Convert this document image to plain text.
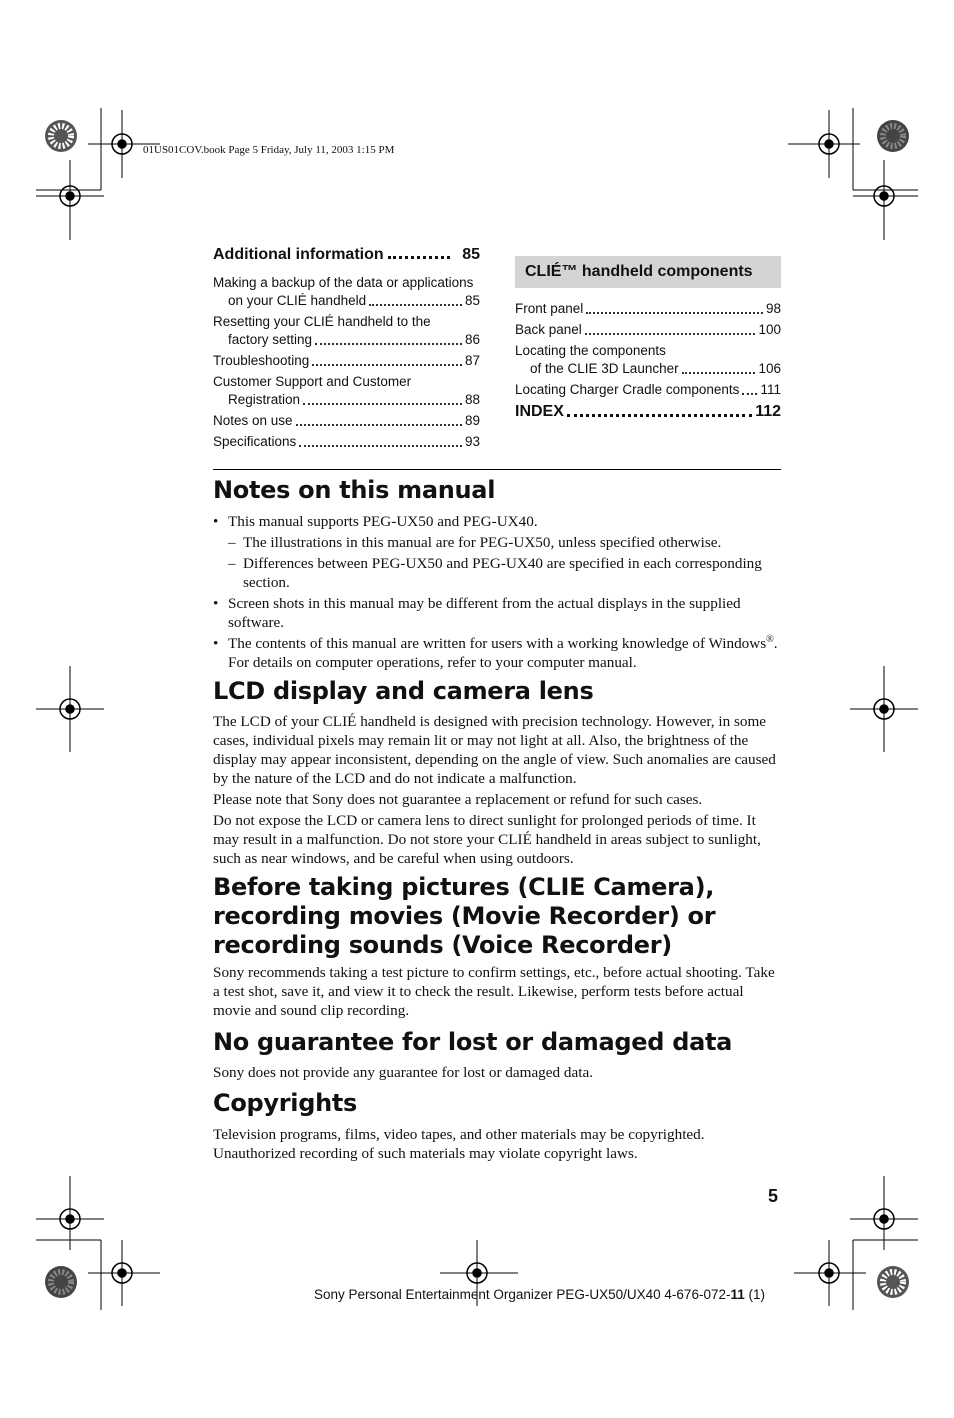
01US01COV.book Page 5 Friday, July 11, 2003 1:15 PM
Additional information	85
Making a backup of the data or applications
on your CLIÉ handheld	85
Resetting your CLIÉ handheld to the
factory setting	86
Troubleshooting	87
Customer Support and Customer
Registration	88
Notes on use	89
Specifications	93
CLIÉ™ handheld components
Front panel	98
Back panel	100
Locating the components
of the CLIE 3D Launcher	106
Locating Charger Cradle components 111
INDEX	112
Notes on this manual
• This manual supports PEG-UX50 and PEG-UX40.
– The illustrations in this manual are for PEG-UX50, unless specified otherwise.
– Differences between PEG-UX50 and PEG-UX40 are specified in each corresponding section.
• Screen shots in this manual may be different from the actual displays in the supplied software.
• The contents of this manual are written for users with a working knowledge of Windows®. For details on computer operations, refer to your computer manual.
LCD display and camera lens

The LCD of your CLIÉ handheld is designed with precision technology. However, in some cases, individual pixels may remain lit or may not light at all. Also, the brightness of the display may appear inconsistent, depending on the angle of view. Such anomalies are caused by the nature of the LCD and do not indicate a malfunction.

Please note that Sony does not guarantee a replacement or refund for such cases.

Do not expose the LCD or camera lens to direct sunlight for prolonged periods of time. It may result in a malfunction. Do not store your CLIÉ handheld in areas subject to sunlight, such as near windows, and be careful when using outdoors.

Before taking pictures (CLIE Camera),
recording movies (Movie Recorder) or
recording sounds (Voice Recorder)

Sony recommends taking a test picture to confirm settings, etc., before actual shooting. Take a test shot, save it, and view it to check the result. Likewise, perform tests before actual movie and sound clip recording.

No guarantee for lost or damaged data

Sony does not provide any guarantee for lost or damaged data.

Copyrights

Television programs, films, video tapes, and other materials may be copyrighted. Unauthorized recording of such materials may violate copyright laws.

5
Sony Personal Entertainment Organizer PEG-UX50/UX40 4-676-072-11 (1)
